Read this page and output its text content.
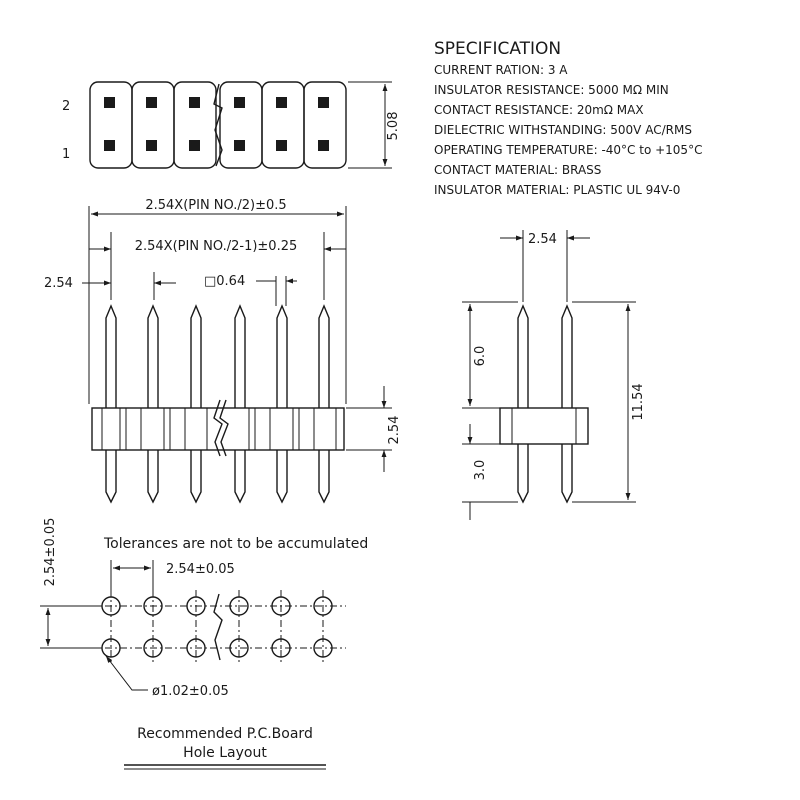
SPECIFICATION
CURRENT RATION: 3 A
INSULATOR RESISTANCE: 5000 MΩ MIN
CONTACT RESISTANCE: 20mΩ MAX
DIELECTRIC WITHSTANDING: 500V AC/RMS
OPERATING TEMPERATURE: -40°C to +105°C
CONTACT MATERIAL: BRASS
INSULATOR MATERIAL: PLASTIC UL 94V-0
2
1
5.08
2.54X(PIN NO./2)±0.5
2.54X(PIN NO./2-1)±0.25
2.54	□0.64
2.54
2.54
6.0
3.0
11.54
Tolerances are not to be accumulated
2.54±0.05	2.54±0.05
ø1.02±0.05
Recommended P.C.Board
Hole Layout
